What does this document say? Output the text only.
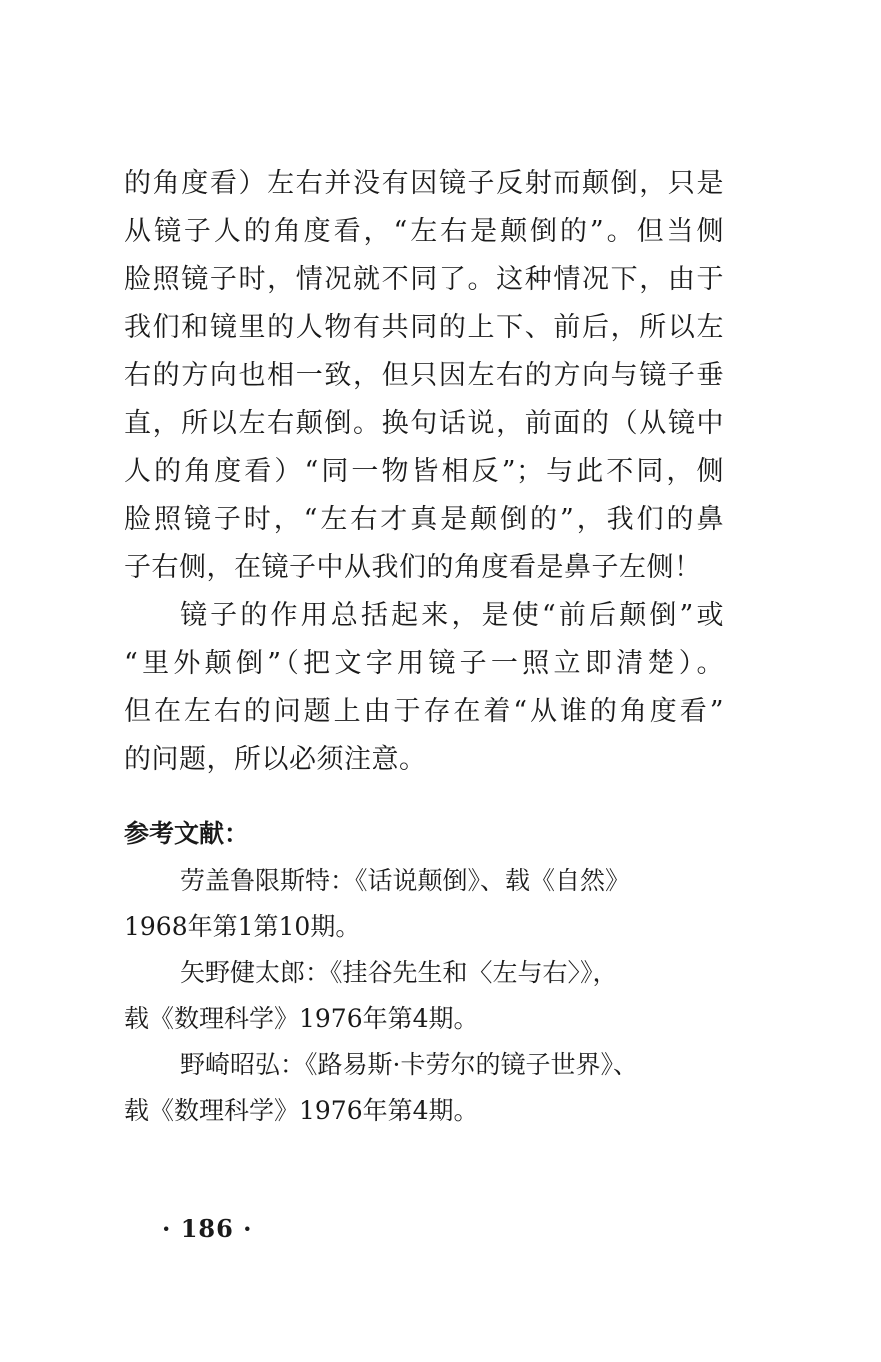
的角度看）左右并没有因镜子反射而颠倒，只是
从镜子人的角度看，“左右是颠倒的”。但当侧
脸照镜子时，情况就不同了。这种情况下，由于
我们和镜里的人物有共同的上下、前后，所以左
右的方向也相一致，但只因左右的方向与镜子垂
直，所以左右颠倒。换句话说，前面的（从镜中
人的角度看）“同一物皆相反”；与此不同，侧
脸照镜子时，“左右才真是颠倒的”，我们的鼻
子右侧，在镜子中从我们的角度看是鼻子左侧！
镜子的作用总括起来，是使“前后颠倒”或
“里外颠倒”（把文字用镜子一照立即清楚）。
但在左右的问题上由于存在着“从谁的角度看”
的问题，所以必须注意。
参考文献：
劳盖鲁限斯特：《话说颠倒》、载《自然》
1968年第1第10期。
矢野健太郎：《挂谷先生和〈左与右〉》，
载《数理科学》1976年第4期。
野崎昭弘：《路易斯·卡劳尔的镜子世界》、
载《数理科学》1976年第4期。
· 186 ·
